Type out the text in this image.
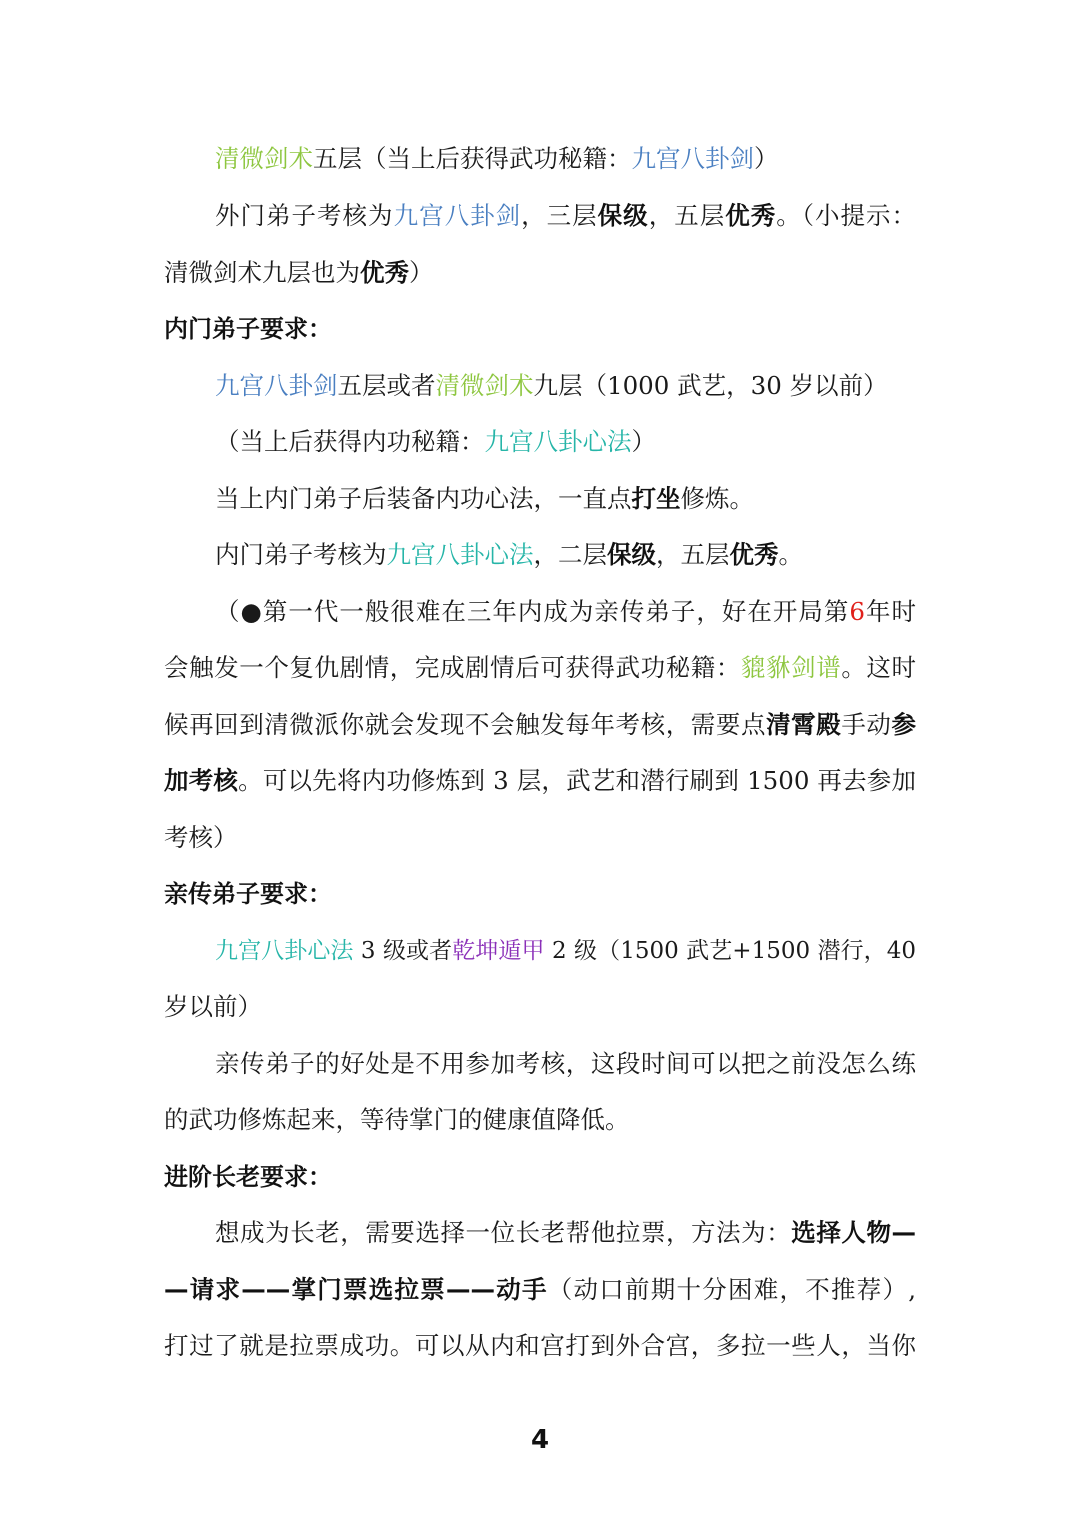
清微剑术五层（当上后获得武功秘籍：九宫八卦剑）
外门弟子考核为九宫八卦剑，三层保级，五层优秀。（小提示：
清微剑术九层也为优秀）
内门弟子要求：
九宫八卦剑五层或者清微剑术九层（1000 武艺，30 岁以前）
（当上后获得内功秘籍：九宫八卦心法）
当上内门弟子后装备内功心法，一直点打坐修炼。
内门弟子考核为九宫八卦心法，二层保级，五层优秀。
（●第一代一般很难在三年内成为亲传弟子，好在开局第6年时
会触发一个复仇剧情，完成剧情后可获得武功秘籍：貔貅剑谱。这时
候再回到清微派你就会发现不会触发每年考核，需要点清霄殿手动参
加考核。可以先将内功修炼到 3 层，武艺和潜行刷到 1500 再去参加
考核）
亲传弟子要求：
九宫八卦心法 3 级或者乾坤遁甲 2 级（1500 武艺+1500 潜行，40
岁以前）
亲传弟子的好处是不用参加考核，这段时间可以把之前没怎么练
的武功修炼起来，等待掌门的健康值降低。
进阶长老要求：
想成为长老，需要选择一位长老帮他拉票，方法为：选择人物—
—请求——掌门票选拉票——动手（动口前期十分困难，不推荐）,
打过了就是拉票成功。可以从内和宫打到外合宫，多拉一些人，当你
4
